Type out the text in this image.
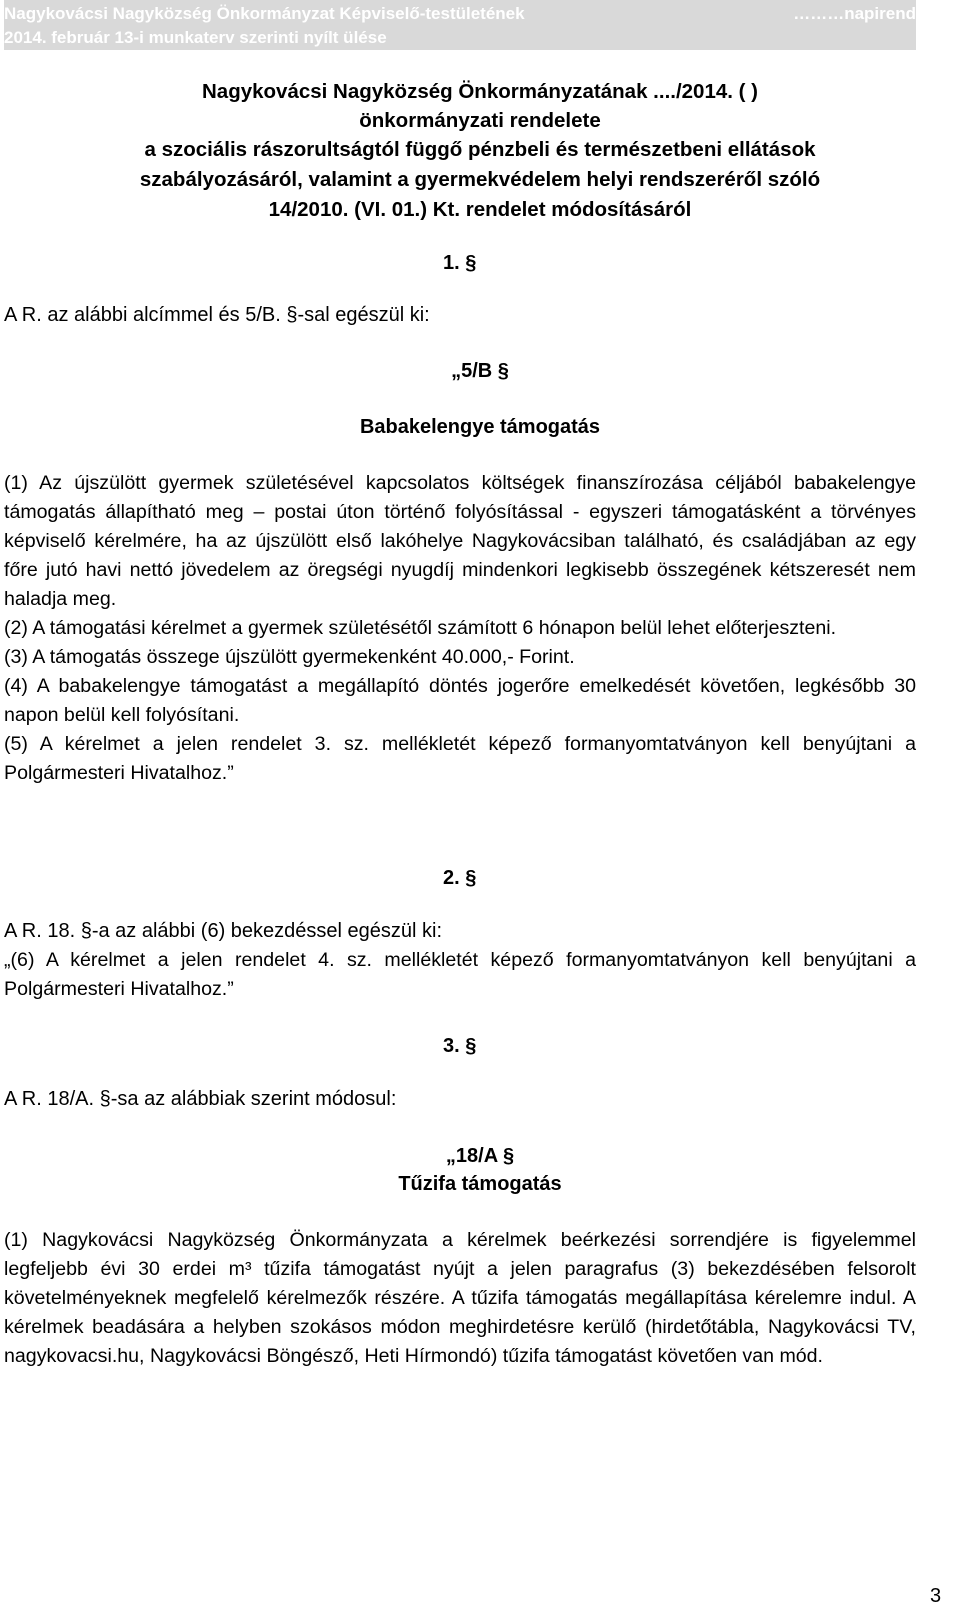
Nagykovácsi Nagyközség Önkormányzat Képviselő-testületének
2014. február 13-i munkaterv szerinti nyílt ülése
………napirend
Nagykovácsi Nagyközség Önkormányzatának ..../2014. ( )
önkormányzati rendelete
a szociális rászorultságtól függő pénzbeli és természetbeni ellátások
szabályozásáról, valamint a gyermekvédelem helyi rendszeréről szóló
14/2010. (VI. 01.) Kt. rendelet módosításáról
1. §
A R. az alábbi alcímmel és 5/B. §-sal egészül ki:
„5/B §
Babakelengye támogatás

(1) Az újszülött gyermek születésével kapcsolatos költségek finanszírozása céljából babakelengye támogatás állapítható meg – postai úton történő folyósítással - egyszeri támogatásként a törvényes képviselő kérelmére, ha az újszülött első lakóhelye Nagykovácsiban található, és családjában az egy főre jutó havi nettó jövedelem az öregségi nyugdíj mindenkori legkisebb összegének kétszeresét nem haladja meg.

(2) A támogatási kérelmet a gyermek születésétől számított 6 hónapon belül lehet előterjeszteni.

(3) A támogatás összege újszülött gyermekenként 40.000,- Forint.

(4) A babakelengye támogatást a megállapító döntés jogerőre emelkedését követően, legkésőbb 30 napon belül kell folyósítani.

(5) A kérelmet a jelen rendelet 3. sz. mellékletét képező formanyomtatványon kell benyújtani a Polgármesteri Hivatalhoz.”

2. §
A R. 18. §-a az alábbi (6) bekezdéssel egészül ki:

„(6) A kérelmet a jelen rendelet 4. sz. mellékletét képező formanyomtatványon kell benyújtani a Polgármesteri Hivatalhoz.”

3. §
A R. 18/A. §-sa az alábbiak szerint módosul:
„18/A §
Tűzifa támogatás

(1) Nagykovácsi Nagyközség Önkormányzata a kérelmek beérkezési sorrendjére is figyelemmel legfeljebb évi 30 erdei m³ tűzifa támogatást nyújt a jelen paragrafus (3) bekezdésében felsorolt követelményeknek megfelelő kérelmezők részére. A tűzifa támogatás megállapítása kérelemre indul. A kérelmek beadására a helyben szokásos módon meghirdetésre kerülő (hirdetőtábla, Nagykovácsi TV, nagykovacsi.hu, Nagykovácsi Böngésző, Heti Hírmondó) tűzifa támogatást követően van mód.

3
